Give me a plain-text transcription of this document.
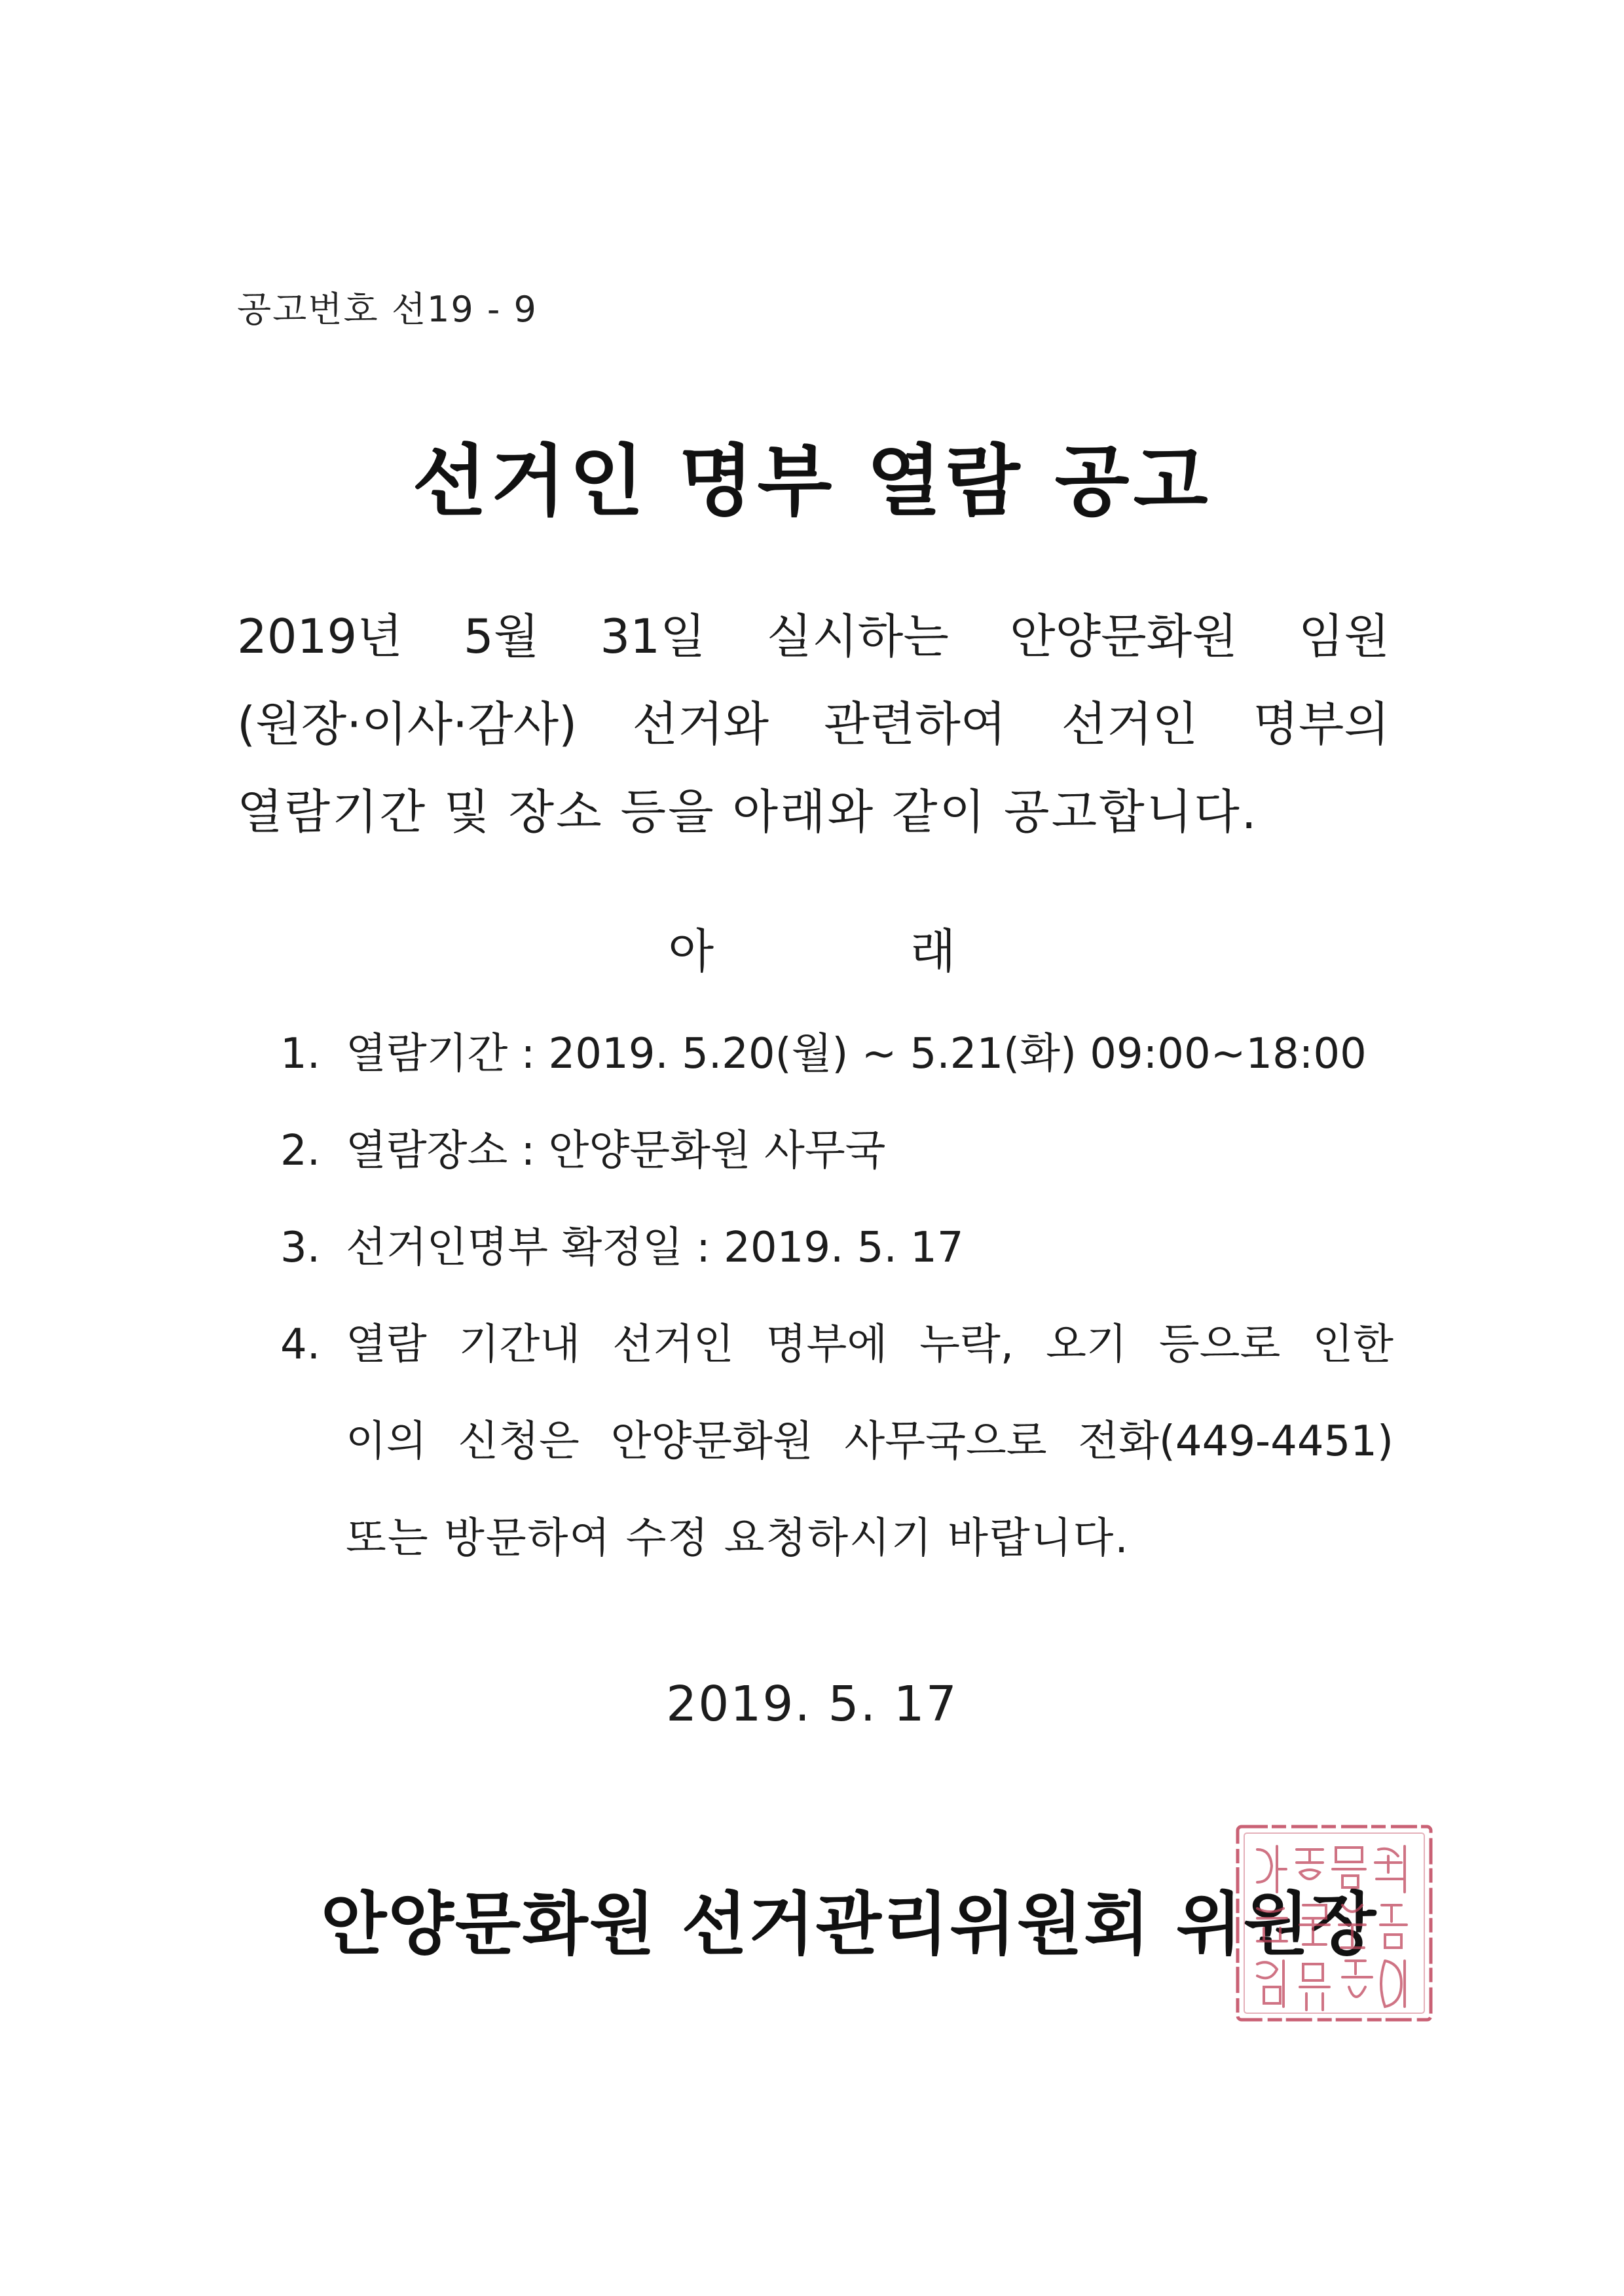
공고번호 선19 - 9
선거인 명부 열람 공고
2019년 5월 31일 실시하는 안양문화원 임원
(원장·이사·감사) 선거와 관련하여 선거인 명부의
열람기간 및 장소 등을 아래와 같이 공고합니다.
아	래
1. 열람기간 : 2019. 5.20(월) ~ 5.21(화) 09:00~18:00
2. 열람장소 : 안양문화원 사무국
3. 선거인명부 확정일 : 2019. 5. 17
4. 열람 기간내 선거인 명부에 누락, 오기 등으로 인한
이의 신청은 안양문화원 사무국으로 전화(449-4451)
또는 방문하여 수정 요청하시기 바랍니다.
2019. 5. 17
안양문화원 선거관리위원회 위원장
